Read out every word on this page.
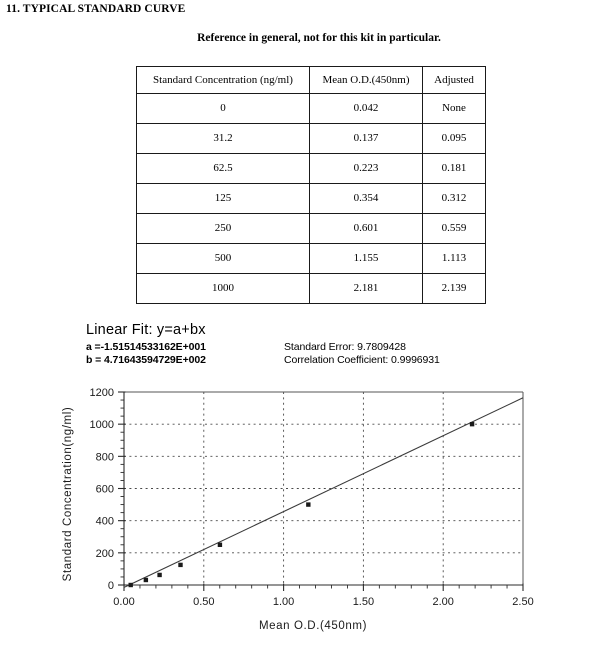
11. TYPICAL STANDARD CURVE
Reference in general, not for this kit in particular.
Standard Concentration (ng/ml)	Mean O.D.(450nm)	Adjusted
0	0.042	None
31.2	0.137	0.095
62.5	0.223	0.181
125	0.354	0.312
250	0.601	0.559
500	1.155	1.113
1000	2.181	2.139
Linear Fit: y=a+bx
a =-1.51514533162E+001
b = 4.71643594729E+002
Standard Error: 9.7809428
Correlation Coefficient: 0.9996931
0.00	0.50	1.00	1.50	2.00	2.50
0
200
400
600
800
1000
1200
Mean O.D.(450nm)
Standard Concentration(ng/ml)
